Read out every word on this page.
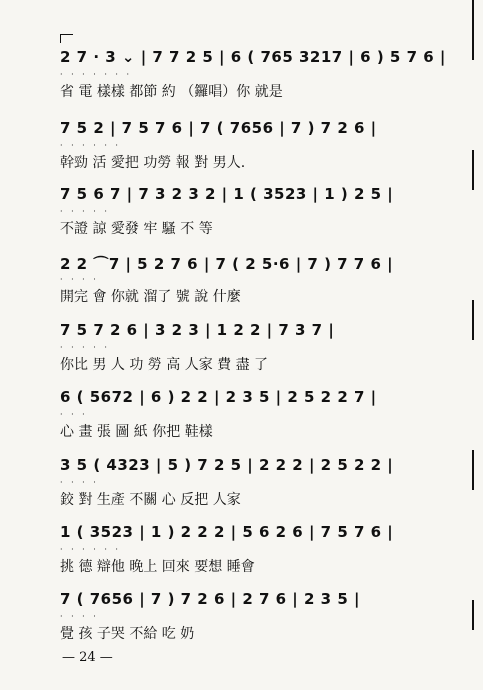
2 7 · 3 ⌄ | 7 7 2 5 | 6 ( 765 3217 | 6 ) 5 7 6 |
· · · · · · ·
省 電 樣樣 都節 約 （鑼唱）你 就是
7 5 2 | 7 5 7 6 | 7 ( 7656 | 7 ) 7 2 6 |
· · · · · ·
幹勁 活 愛把 功勞 報 對 男人.
7 5 6 7 | 7 3 2 3 2 | 1 ( 3523 | 1 ) 2 5 |
· · · · ·
不證 諒 愛發 牢 騷 不 等
2 2 ⌒7 | 5 2 7 6 | 7 ( 2 5·6 | 7 ) 7 7 6 |
· · · ·
開完 會 你就 溜了 號 說 什麼
7 5 7 2 6 | 3 2 3 | 1 2 2 | 7 3 7 |
· · · · ·
你比 男 人 功 勞 高 人家 費 盡 了
6 ( 5672 | 6 ) 2 2 | 2 3 5 | 2 5 2 2 7 |
· · ·
心 畫 張 圖 紙 你把 鞋樣
3 5 ( 4323 | 5 ) 7 2 5 | 2 2 2 | 2 5 2 2 |
· · · ·
鉸 對 生產 不關 心 反把 人家
1 ( 3523 | 1 ) 2 2 2 | 5 6 2 6 | 7 5 7 6 |
· · · · · ·
挑 德 辯他 晚上 回來 要想 睡會
7 ( 7656 | 7 ) 7 2 6 | 2 7 6 | 2 3 5 |
· · · ·
覺 孩 子哭 不給 吃 奶
— 24 —
